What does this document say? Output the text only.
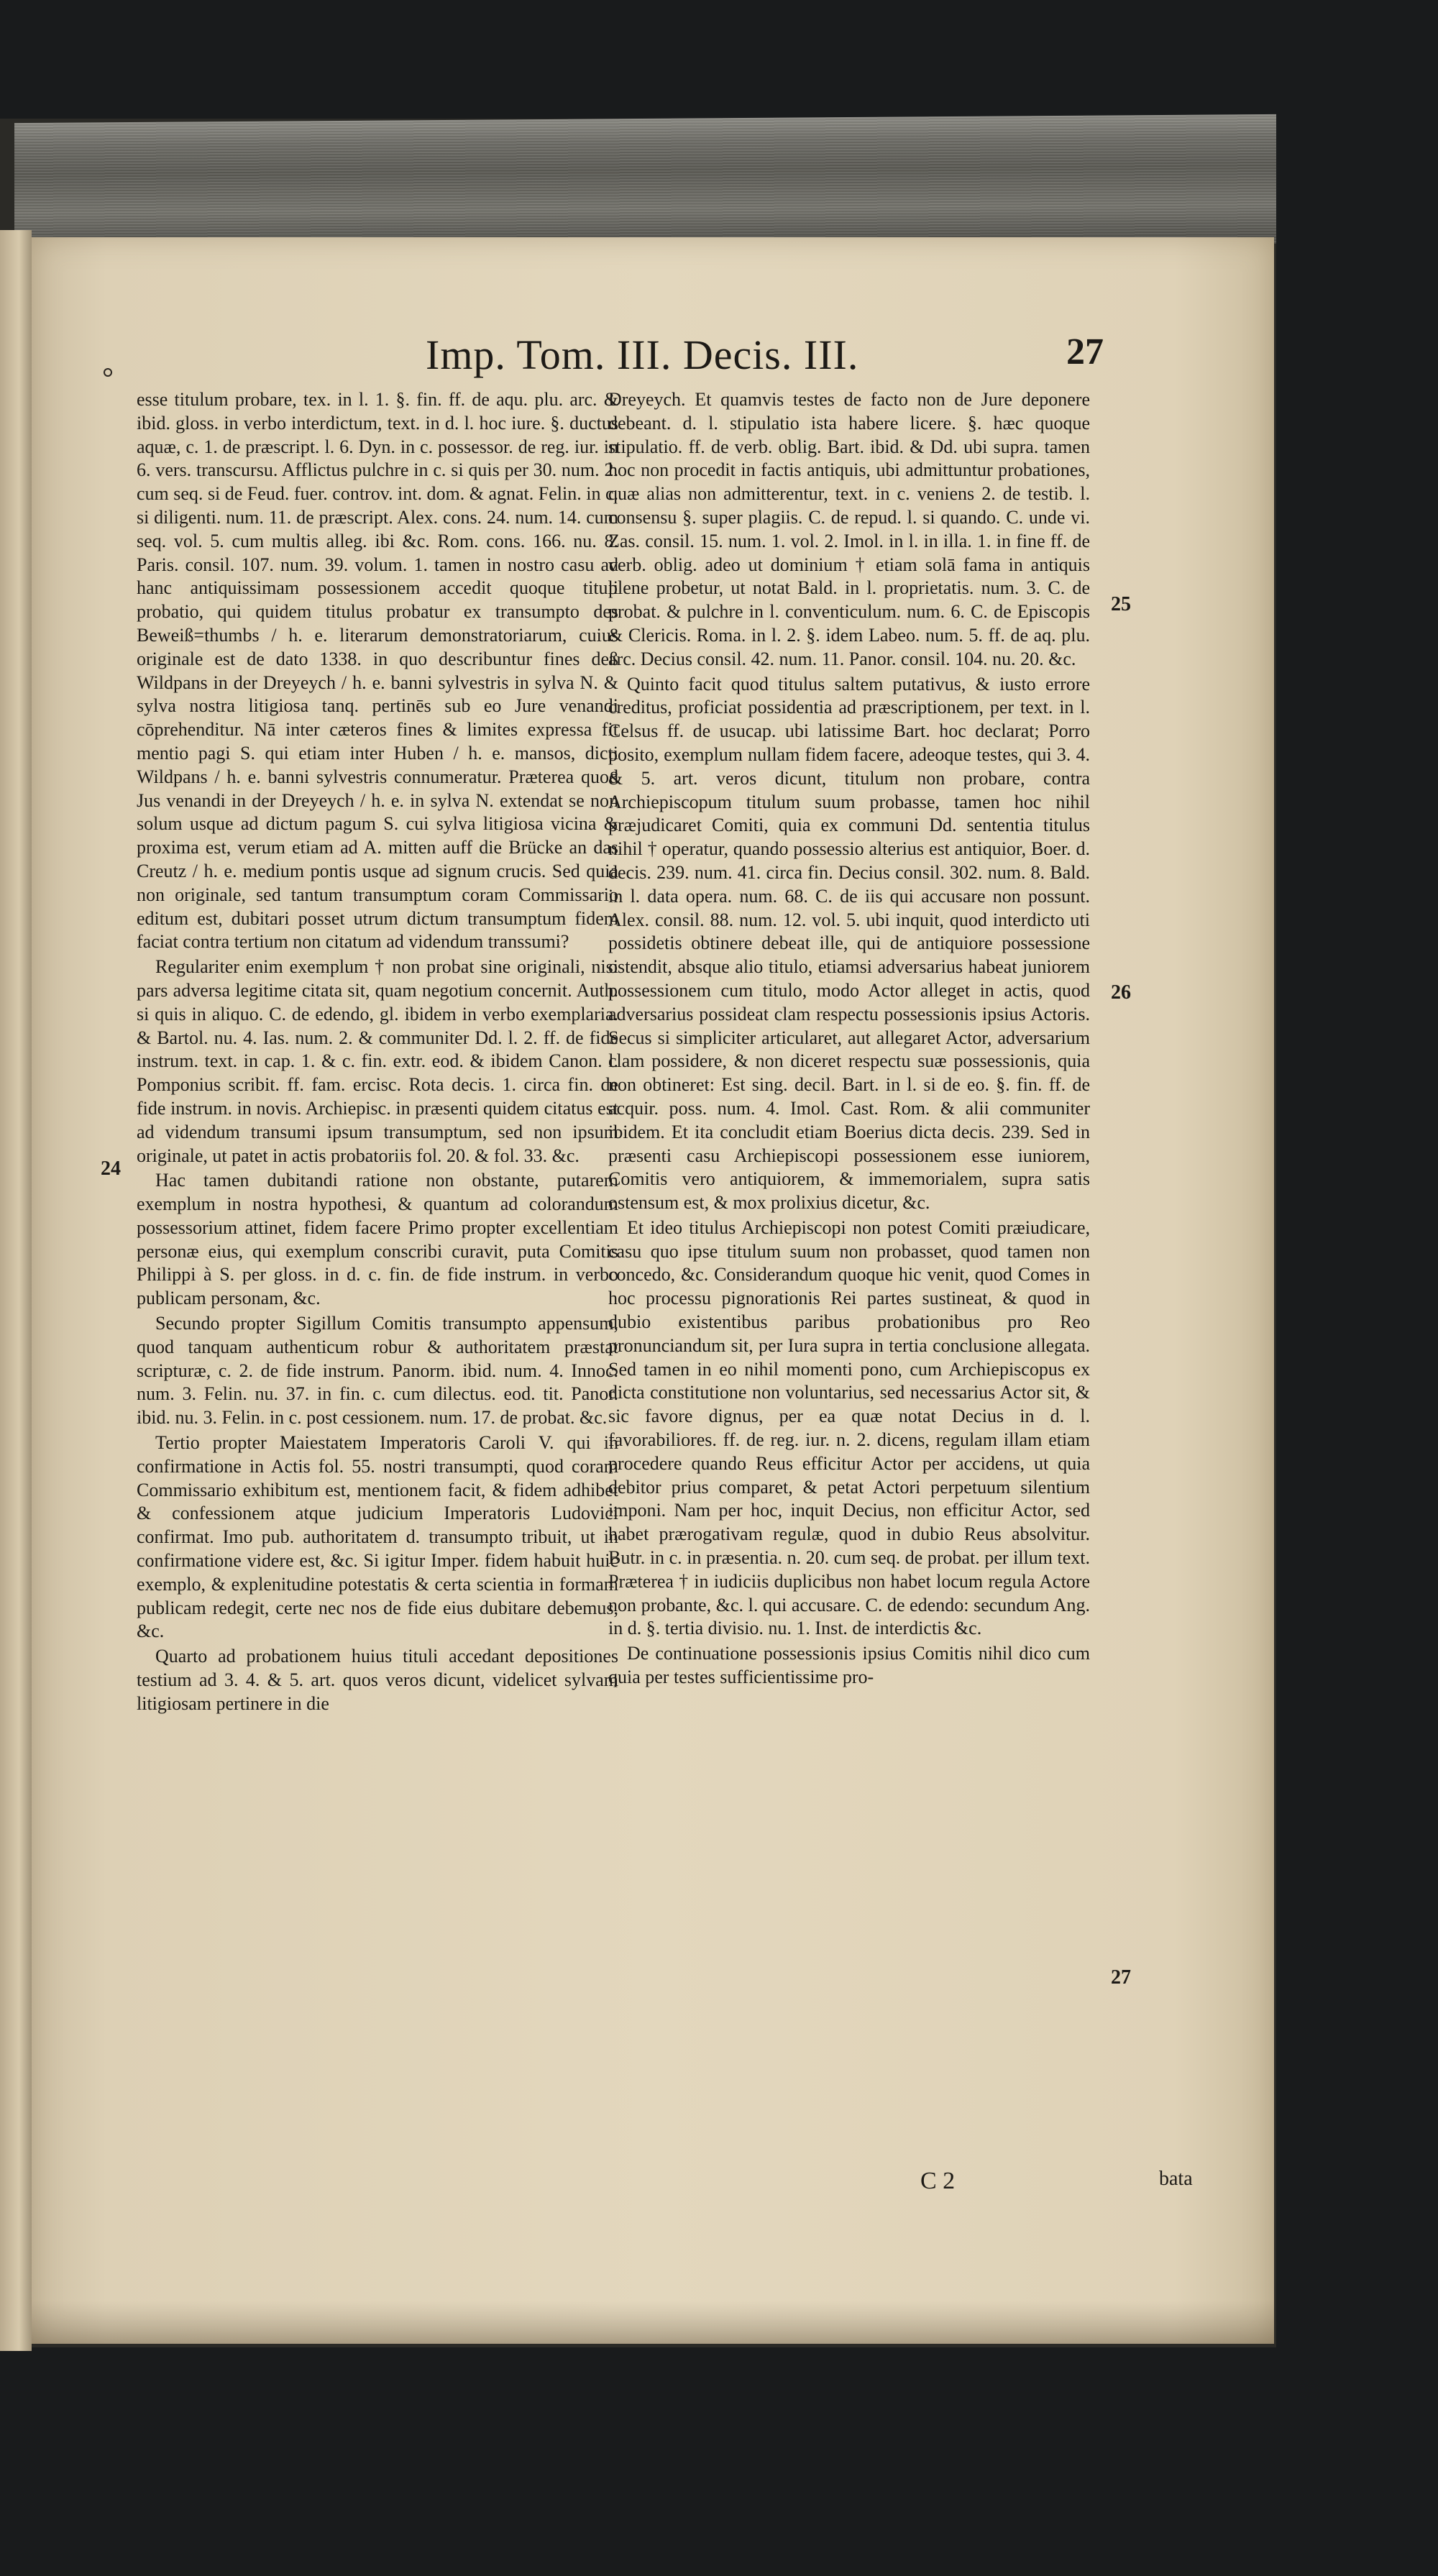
Imp. Tom. III. Decis. III.	27

esse titulum probare, tex. in l. 1. §. fin. ff. de aqu. plu. arc. & ibid. gloss. in verbo interdictum, text. in d. l. hoc iure. §. ductus aquæ, c. 1. de præscript. l. 6. Dyn. in c. possessor. de reg. iur. in 6. vers. transcursu. Afflictus pulchre in c. si quis per 30. num. 2. cum seq. si de Feud. fuer. controv. int. dom. & agnat. Felin. in c. si diligenti. num. 11. de præscript. Alex. cons. 24. num. 14. cum seq. vol. 5. cum multis alleg. ibi &c. Rom. cons. 166. nu. 8. Paris. consil. 107. num. 39. volum. 1. tamen in nostro casu ad hanc antiquissimam possessionem accedit quoque tituli probatio, qui quidem titulus probatur ex transumpto des Beweiß=thumbs / h. e. literarum demonstratoriarum, cuius originale est de dato 1338. in quo describuntur fines deß Wildpans in der Dreyeych / h. e. banni sylvestris in sylva N. & sylva nostra litigiosa tanq. pertinēs sub eo Jure venandi cōprehenditur. Nā inter cæteros fines & limites expressa fit mentio pagi S. qui etiam inter Huben / h. e. mansos, dicti Wildpans / h. e. banni sylvestris connumeratur. Præterea quod Jus venandi in der Dreyeych / h. e. in sylva N. extendat se non solum usque ad dictum pagum S. cui sylva litigiosa vicina & proxima est, verum etiam ad A. mitten auff die Brücke an das Creutz / h. e. medium pontis usque ad signum crucis. Sed quia non originale, sed tantum transumptum coram Commissario editum est, dubitari posset utrum dictum transumptum fidem faciat contra tertium non citatum ad videndum transsumi?

Regulariter enim exemplum † non probat sine originali, nisi pars adversa legitime citata sit, quam negotium concernit. Auth. si quis in aliquo. C. de edendo, gl. ibidem in verbo exemplaria. & Bartol. nu. 4. Ias. num. 2. & communiter Dd. l. 2. ff. de fide instrum. text. in cap. 1. & c. fin. extr. eod. & ibidem Canon. l. Pomponius scribit. ff. fam. ercisc. Rota decis. 1. circa fin. de fide instrum. in novis. Archiepisc. in præsenti quidem citatus est ad videndum transumi ipsum transumptum, sed non ipsum originale, ut patet in actis probatoriis fol. 20. & fol. 33. &c.

Hac tamen dubitandi ratione non obstante, putarem exemplum in nostra hypothesi, & quantum ad colorandum possessorium attinet, fidem facere Primo propter excellentiam personæ eius, qui exemplum conscribi curavit, puta Comitis Philippi à S. per gloss. in d. c. fin. de fide instrum. in verbo publicam personam, &c.

Secundo propter Sigillum Comitis transumpto appensum, quod tanquam authenticum robur & authoritatem præstat scripturæ, c. 2. de fide instrum. Panorm. ibid. num. 4. Innoc. num. 3. Felin. nu. 37. in fin. c. cum dilectus. eod. tit. Panor. ibid. nu. 3. Felin. in c. post cessionem. num. 17. de probat. &c.

Tertio propter Maiestatem Imperatoris Caroli V. qui in confirmatione in Actis fol. 55. nostri transumpti, quod coram Commissario exhibitum est, mentionem facit, & fidem adhibet & confessionem atque judicium Imperatoris Ludovici confirmat. Imo pub. authoritatem d. transumpto tribuit, ut in confirmatione videre est, &c. Si igitur Imper. fidem habuit huic exemplo, & explenitudine potestatis & certa scientia in formam publicam redegit, certe nec nos de fide eius dubitare debemus, &c.

Quarto ad probationem huius tituli accedant depositiones testium ad 3. 4. & 5. art. quos veros dicunt, videlicet sylvam litigiosam pertinere in die

Dreyeych. Et quamvis testes de facto non de Jure deponere debeant. d. l. stipulatio ista habere licere. §. hæc quoque stipulatio. ff. de verb. oblig. Bart. ibid. & Dd. ubi supra. tamen hoc non procedit in factis antiquis, ubi admittuntur probationes, quæ alias non admitterentur, text. in c. veniens 2. de testib. l. consensu §. super plagiis. C. de repud. l. si quando. C. unde vi. Zas. consil. 15. num. 1. vol. 2. Imol. in l. in illa. 1. in fine ff. de verb. oblig. adeo ut dominium † etiam solā fama in antiquis plene probetur, ut notat Bald. in l. proprietatis. num. 3. C. de probat. & pulchre in l. conventiculum. num. 6. C. de Episcopis & Clericis. Roma. in l. 2. §. idem Labeo. num. 5. ff. de aq. plu. arc. Decius consil. 42. num. 11. Panor. consil. 104. nu. 20. &c.

Quinto facit quod titulus saltem putativus, & iusto errore creditus, proficiat possidentia ad præscriptionem, per text. in l. Celsus ff. de usucap. ubi latissime Bart. hoc declarat; Porro posito, exemplum nullam fidem facere, adeoque testes, qui 3. 4. & 5. art. veros dicunt, titulum non probare, contra Archiepiscopum titulum suum probasse, tamen hoc nihil præjudicaret Comiti, quia ex communi Dd. sententia titulus nihil † operatur, quando possessio alterius est antiquior, Boer. d. decis. 239. num. 41. circa fin. Decius consil. 302. num. 8. Bald. in l. data opera. num. 68. C. de iis qui accusare non possunt. Alex. consil. 88. num. 12. vol. 5. ubi inquit, quod interdicto uti possidetis obtinere debeat ille, qui de antiquiore possessione ostendit, absque alio titulo, etiamsi adversarius habeat juniorem possessionem cum titulo, modo Actor alleget in actis, quod adversarius possideat clam respectu possessionis ipsius Actoris. Secus si simpliciter articularet, aut allegaret Actor, adversarium clam possidere, & non diceret respectu suæ possessionis, quia non obtineret: Est sing. decil. Bart. in l. si de eo. §. fin. ff. de acquir. poss. num. 4. Imol. Cast. Rom. & alii communiter ibidem. Et ita concludit etiam Boerius dicta decis. 239. Sed in præsenti casu Archiepiscopi possessionem esse iuniorem, Comitis vero antiquiorem, & immemorialem, supra satis ostensum est, & mox prolixius dicetur, &c.

Et ideo titulus Archiepiscopi non potest Comiti præiudicare, casu quo ipse titulum suum non probasset, quod tamen non concedo, &c. Considerandum quoque hic venit, quod Comes in hoc processu pignorationis Rei partes sustineat, & quod in dubio existentibus paribus probationibus pro Reo pronunciandum sit, per Iura supra in tertia conclusione allegata. Sed tamen in eo nihil momenti pono, cum Archiepiscopus ex dicta constitutione non voluntarius, sed necessarius Actor sit, & sic favore dignus, per ea quæ notat Decius in d. l. favorabiliores. ff. de reg. iur. n. 2. dicens, regulam illam etiam procedere quando Reus efficitur Actor per accidens, ut quia debitor prius comparet, & petat Actori perpetuum silentium imponi. Nam per hoc, inquit Decius, non efficitur Actor, sed habet prærogativam regulæ, quod in dubio Reus absolvitur. Butr. in c. in præsentia. n. 20. cum seq. de probat. per illum text. Præterea † in iudiciis duplicibus non habet locum regula Actore non probante, &c. l. qui accusare. C. de edendo: secundum Ang. in d. §. tertia divisio. nu. 1. Inst. de interdictis &c.

De continuatione possessionis ipsius Comitis nihil dico cum quia per testes sufficientissime pro-

24
25
26
27
C 2	bata
